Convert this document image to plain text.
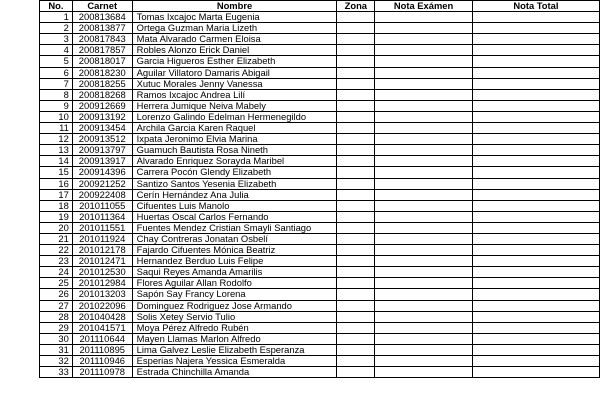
No.	Carnet	Nombre	Zona	Nota Exámen	Nota Total
1	200813684	Tomas Ixcajoc Marta Eugenia			
2	200813877	Ortega Guzman Maria Lizeth			
3	200817843	Mata Alvarado Carmen Eloisa			
4	200817857	Robles Alonzo Erick Daniel			
5	200818017	Garcia Higueros Esther Elizabeth			
6	200818230	Aguilar Villatoro Damaris Abigail			
7	200818255	Xutuc Morales Jenny Vanessa			
8	200818268	Ramos Ixcajoc Andrea Lilí			
9	200912669	Herrera Jumique Neiva Mabely			
10	200913192	Lorenzo Galindo Edelman Hermenegildo			
11	200913454	Archila Garcia Karen Raquel			
12	200913512	Ixpata Jeronimo Elvia Marina			
13	200913797	Guamuch Bautista Rosa Nineth			
14	200913917	Alvarado Enriquez Sorayda Maribel			
15	200914396	Carrera Pocón Glendy Elizabeth			
16	200921252	Santizo Santos Yesenia Elizabeth			
17	200922408	Cerín Hernández Ana Julia			
18	201011055	Cifuentes Luis Manolo			
19	201011364	Huertas Oscal Carlos Fernando			
20	201011551	Fuentes Mendez Cristian Smayli Santiago			
21	201011924	Chay Contreras Jonatan Osbelí			
22	201012178	Fajardo Cifuentes Mónica Beatriz			
23	201012471	Hernandez Berduo Luis Felipe			
24	201012530	Saqui Reyes Amanda Amarilis			
25	201012984	Flores Aguilar Allan Rodolfo			
26	201013203	Sapón Say Francy Lorena			
27	201022096	Dominguez Rodriguez Jose Armando			
28	201040428	Solis Xetey Servio Tulio			
29	201041571	Moya Pérez Alfredo Rubén			
30	201110644	Mayen Llamas Marlon Alfredo			
31	201110895	Lima Galvez Leslie Elizabeth Esperanza			
32	201110946	Esperias Najera Yessica Esmeralda			
33	201110978	Estrada Chinchilla Amanda			
